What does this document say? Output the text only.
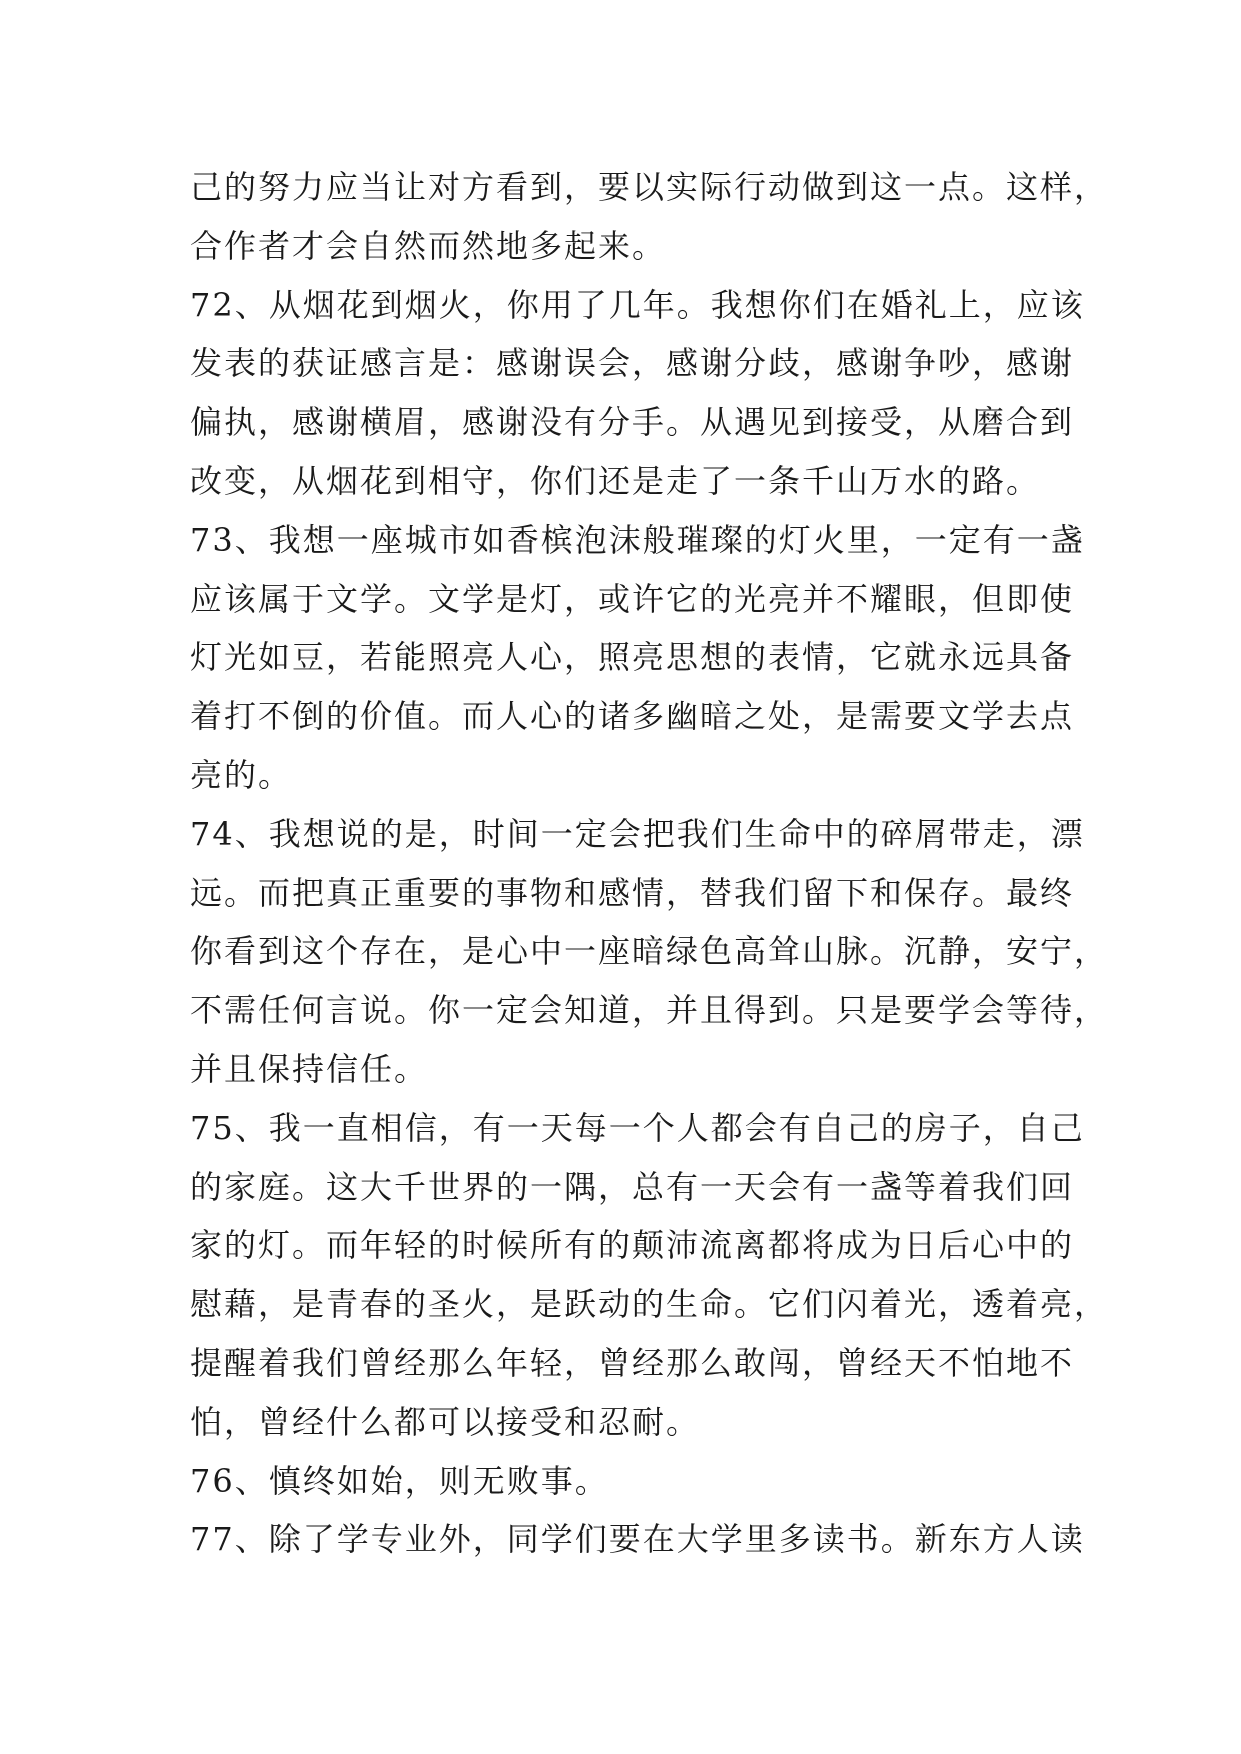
己的努力应当让对方看到，要以实际行动做到这一点。这样，
合作者才会自然而然地多起来。
72、从烟花到烟火，你用了几年。我想你们在婚礼上，应该
发表的获证感言是：感谢误会，感谢分歧，感谢争吵，感谢
偏执，感谢横眉，感谢没有分手。从遇见到接受，从磨合到
改变，从烟花到相守，你们还是走了一条千山万水的路。
73、我想一座城市如香槟泡沫般璀璨的灯火里，一定有一盏
应该属于文学。文学是灯，或许它的光亮并不耀眼，但即使
灯光如豆，若能照亮人心，照亮思想的表情，它就永远具备
着打不倒的价值。而人心的诸多幽暗之处，是需要文学去点
亮的。
74、我想说的是，时间一定会把我们生命中的碎屑带走，漂
远。而把真正重要的事物和感情，替我们留下和保存。最终
你看到这个存在，是心中一座暗绿色高耸山脉。沉静，安宁，
不需任何言说。你一定会知道，并且得到。只是要学会等待，
并且保持信任。
75、我一直相信，有一天每一个人都会有自己的房子，自己
的家庭。这大千世界的一隅，总有一天会有一盏等着我们回
家的灯。而年轻的时候所有的颠沛流离都将成为日后心中的
慰藉，是青春的圣火，是跃动的生命。它们闪着光，透着亮，
提醒着我们曾经那么年轻，曾经那么敢闯，曾经天不怕地不
怕，曾经什么都可以接受和忍耐。
76、慎终如始，则无败事。
77、除了学专业外，同学们要在大学里多读书。新东方人读
